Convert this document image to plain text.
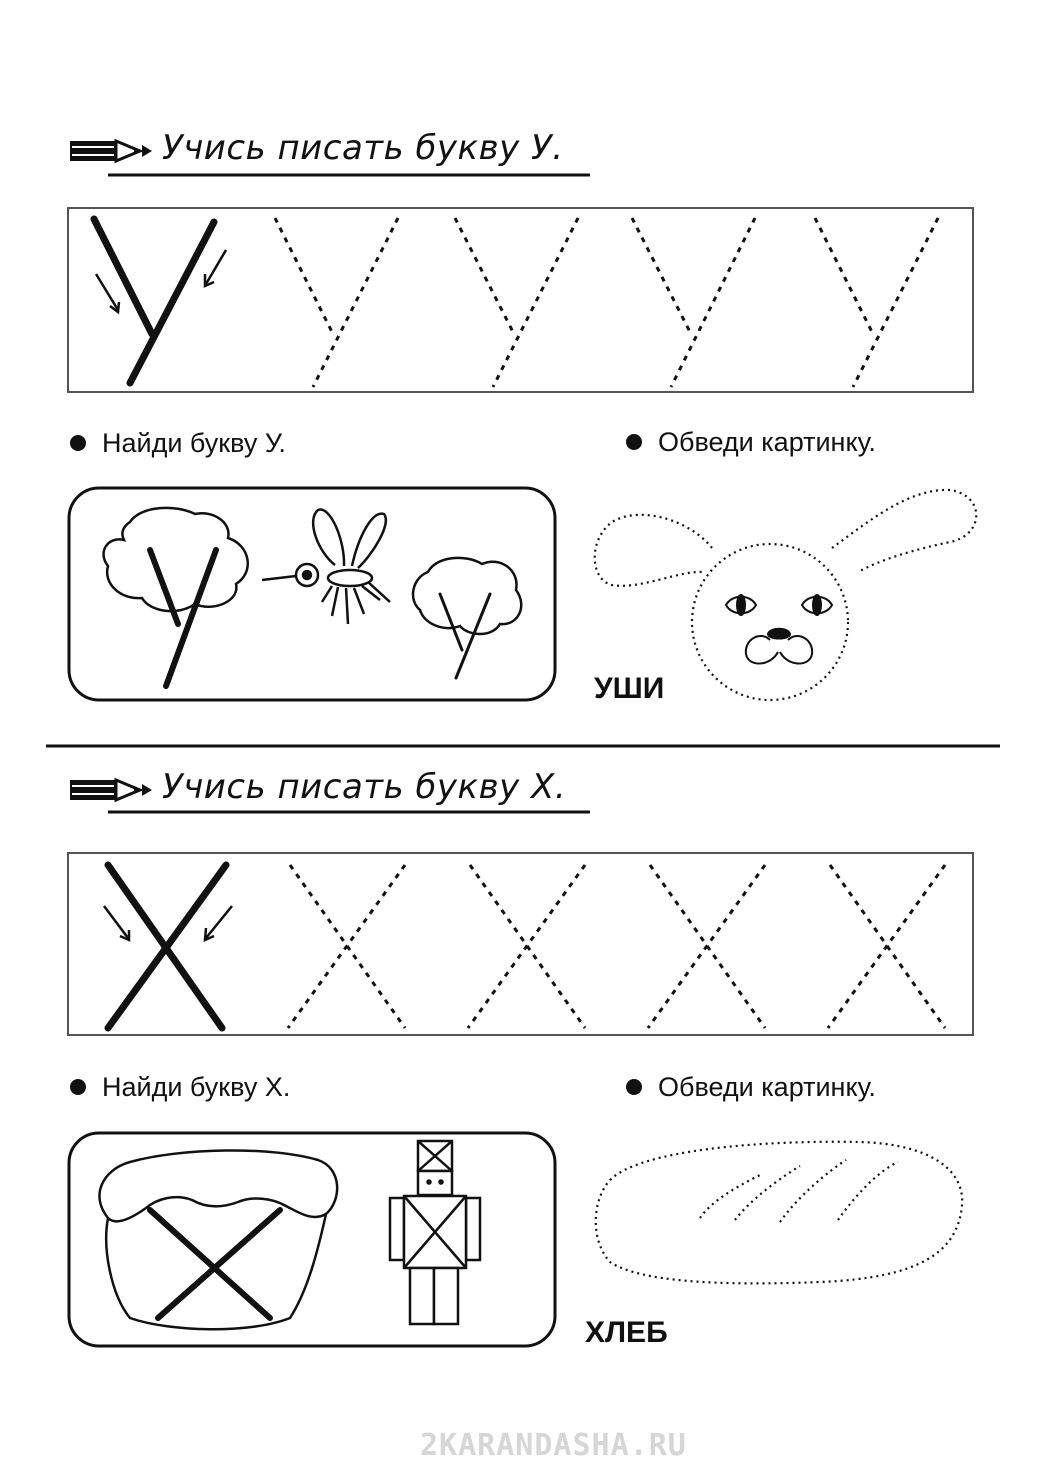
Учись писать букву У.
Найди букву У.	Обведи картинку.
УШИ
Учись писать букву Х.
Найди букву Х.	Обведи картинку.
ХЛЕБ
2KARANDASHA.RU
